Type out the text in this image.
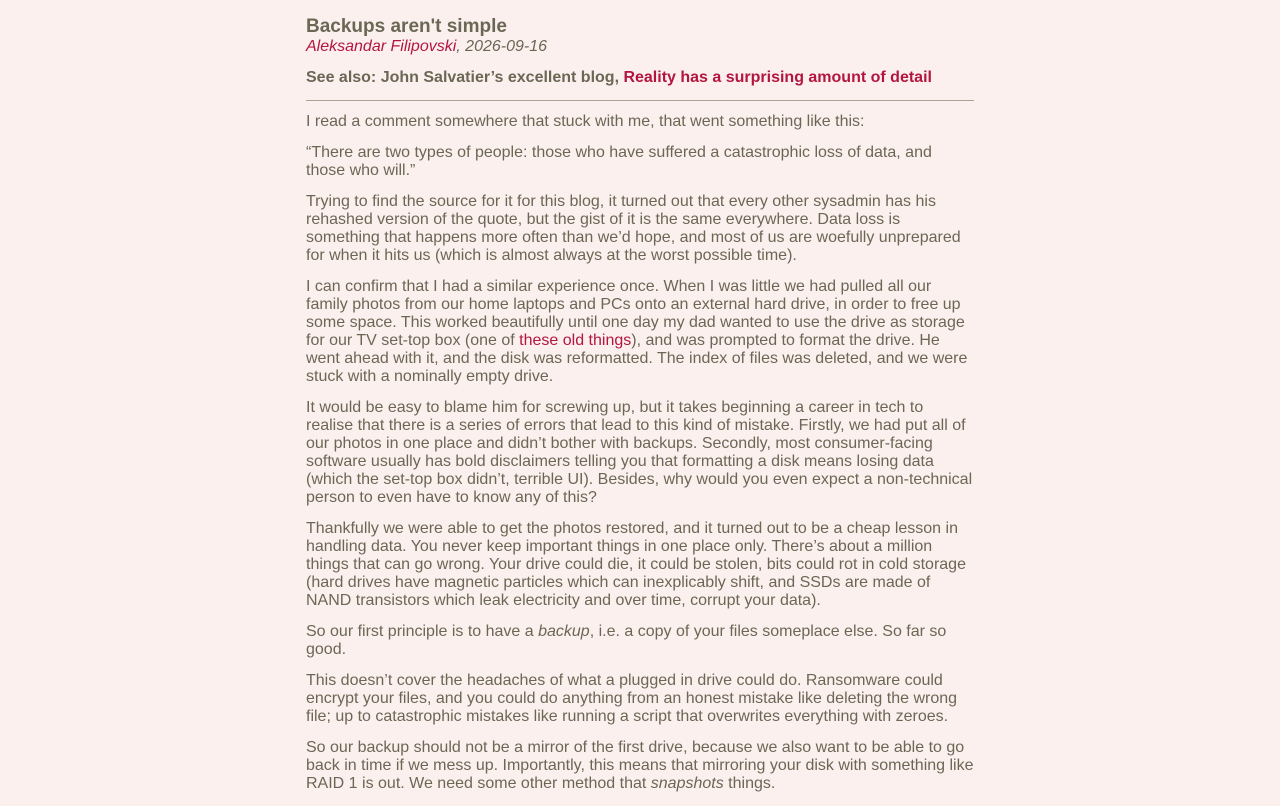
Backups aren't simple
Aleksandar Filipovski, 2026-09-16
See also: John Salvatier’s excellent blog, Reality has a surprising amount of detail

I read a comment somewhere that stuck with me, that went something like this:

“There are two types of people: those who have suffered a catastrophic loss of data, and those who will.”

Trying to find the source for it for this blog, it turned out that every other sysadmin has his rehashed version of the quote, but the gist of it is the same everywhere. Data loss is something that happens more often than we’d hope, and most of us are woefully unprepared for when it hits us (which is almost always at the worst possible time).

I can confirm that I had a similar experience once. When I was little we had pulled all our family photos from our home laptops and PCs onto an external hard drive, in order to free up some space. This worked beautifully until one day my dad wanted to use the drive as storage for our TV set-top box (one of these old things), and was prompted to format the drive. He went ahead with it, and the disk was reformatted. The index of files was deleted, and we were stuck with a nominally empty drive.

It would be easy to blame him for screwing up, but it takes beginning a career in tech to realise that there is a series of errors that lead to this kind of mistake. Firstly, we had put all of our photos in one place and didn’t bother with backups. Secondly, most consumer-facing software usually has bold disclaimers telling you that formatting a disk means losing data (which the set-top box didn’t, terrible UI). Besides, why would you even expect a non-technical person to even have to know any of this?

Thankfully we were able to get the photos restored, and it turned out to be a cheap lesson in handling data. You never keep important things in one place only. There’s about a million things that can go wrong. Your drive could die, it could be stolen, bits could rot in cold storage (hard drives have magnetic particles which can inexplicably shift, and SSDs are made of NAND transistors which leak electricity and over time, corrupt your data).

So our first principle is to have a backup, i.e. a copy of your files someplace else. So far so good.

This doesn’t cover the headaches of what a plugged in drive could do. Ransomware could encrypt your files, and you could do anything from an honest mistake like deleting the wrong file; up to catastrophic mistakes like running a script that overwrites everything with zeroes.

So our backup should not be a mirror of the first drive, because we also want to be able to go back in time if we mess up. Importantly, this means that mirroring your disk with something like RAID 1 is out. We need some other method that snapshots things.
